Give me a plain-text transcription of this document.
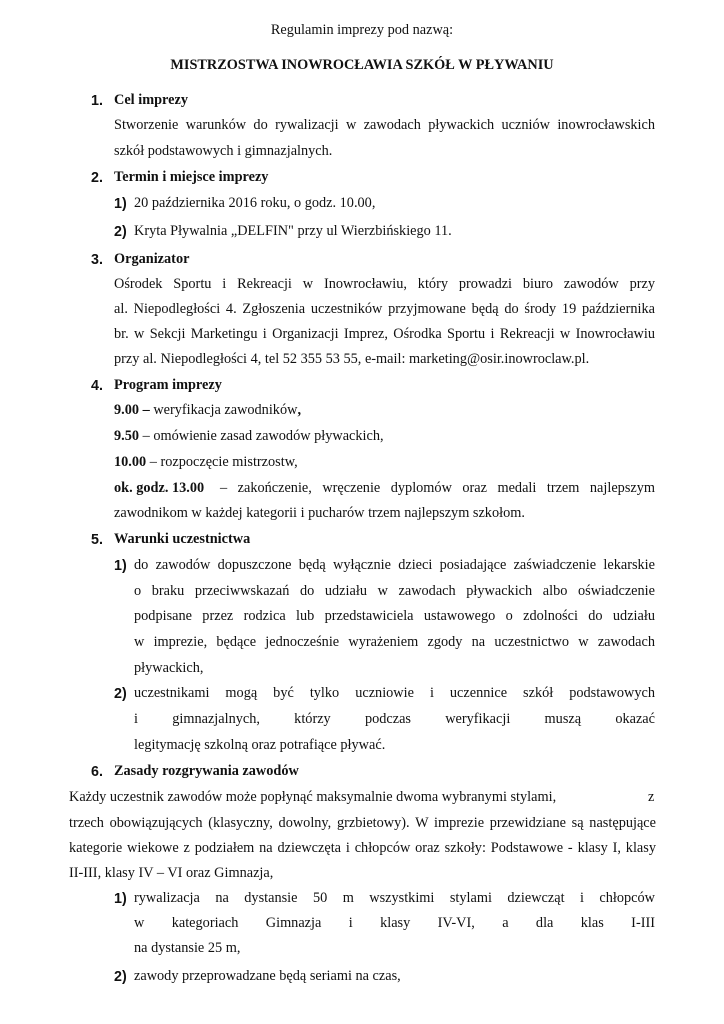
Regulamin imprezy pod nazwą:
MISTRZOSTWA INOWROCŁAWIA SZKÓŁ W PŁYWANIU
1. Cel imprezy
Stworzenie warunków do rywalizacji w zawodach pływackich uczniów inowrocławskich
szkół podstawowych i gimnazjalnych.
2. Termin i miejsce imprezy
1) 20 października 2016 roku, o godz. 10.00,
2) Kryta Pływalnia „DELFIN" przy ul Wierzbińskiego 11.
3. Organizator
Ośrodek Sportu i Rekreacji w Inowrocławiu, który prowadzi biuro zawodów przy
al. Niepodległości 4. Zgłoszenia uczestników przyjmowane będą do środy 19 października
br. w Sekcji Marketingu i Organizacji Imprez, Ośrodka Sportu i Rekreacji w Inowrocławiu
przy al. Niepodległości 4, tel 52 355 53 55, e-mail: marketing@osir.inowroclaw.pl.
4. Program imprezy
9.00 – weryfikacja zawodników,
9.50 – omówienie zasad zawodów pływackich,
10.00 – rozpoczęcie mistrzostw,
ok. godz. 13.00 – zakończenie, wręczenie dyplomów oraz medali trzem najlepszym
zawodnikom w każdej kategorii i pucharów trzem najlepszym szkołom.
5. Warunki uczestnictwa
1) do zawodów dopuszczone będą wyłącznie dzieci posiadające zaświadczenie lekarskie
o braku przeciwwskazań do udziału w zawodach pływackich albo oświadczenie
podpisane przez rodzica lub przedstawiciela ustawowego o zdolności do udziału
w imprezie, będące jednocześnie wyrażeniem zgody na uczestnictwo w zawodach
pływackich,
2) uczestnikami mogą być tylko uczniowie i uczennice szkół podstawowych
i gimnazjalnych, którzy podczas weryfikacji muszą okazać
legitymację szkolną oraz potrafiące pływać.
6. Zasady rozgrywania zawodów
Każdy uczestnik zawodów może popłynąć maksymalnie dwoma wybranymi stylami,	z
trzech obowiązujących (klasyczny, dowolny, grzbietowy). W imprezie przewidziane są następujące
kategorie wiekowe z podziałem na dziewczęta i chłopców oraz szkoły: Podstawowe - klasy I, klasy
II-III, klasy IV – VI oraz Gimnazja,
1) rywalizacja na dystansie 50 m wszystkimi stylami dziewcząt i chłopców
w kategoriach Gimnazja i klasy IV-VI, a dla klas I-III
na dystansie 25 m,
2) zawody przeprowadzane będą seriami na czas,
